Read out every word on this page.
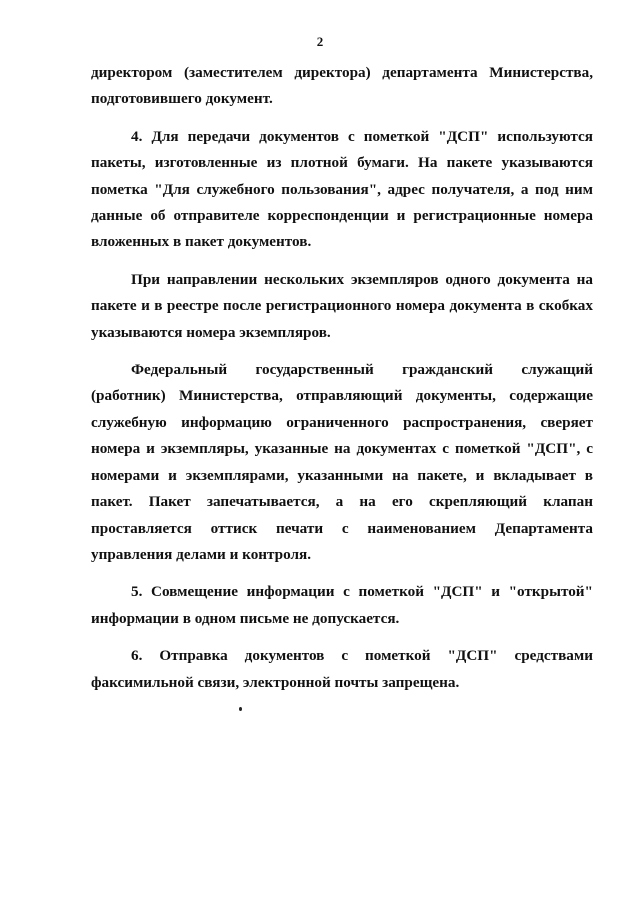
2

директором (заместителем директора) департамента Министерства, подготовившего документ.

4. Для передачи документов с пометкой "ДСП" используются пакеты, изготовленные из плотной бумаги. На пакете указываются пометка "Для служебного пользования", адрес получателя, а под ним данные об отправителе корреспонденции и регистрационные номера вложенных в пакет документов.

При направлении нескольких экземпляров одного документа на пакете и в реестре после регистрационного номера документа в скобках указываются номера экземпляров.

Федеральный государственный гражданский служащий (работник) Министерства, отправляющий документы, содержащие служебную информацию ограниченного распространения, сверяет номера и экземпляры, указанные на документах с пометкой "ДСП", с номерами и экземплярами, указанными на пакете, и вкладывает в пакет. Пакет запечатывается, а на его скрепляющий клапан проставляется оттиск печати с наименованием Департамента управления делами и контроля.

5. Совмещение информации с пометкой "ДСП" и "открытой" информации в одном письме не допускается.

6. Отправка документов с пометкой "ДСП" средствами факсимильной связи, электронной почты запрещена.
